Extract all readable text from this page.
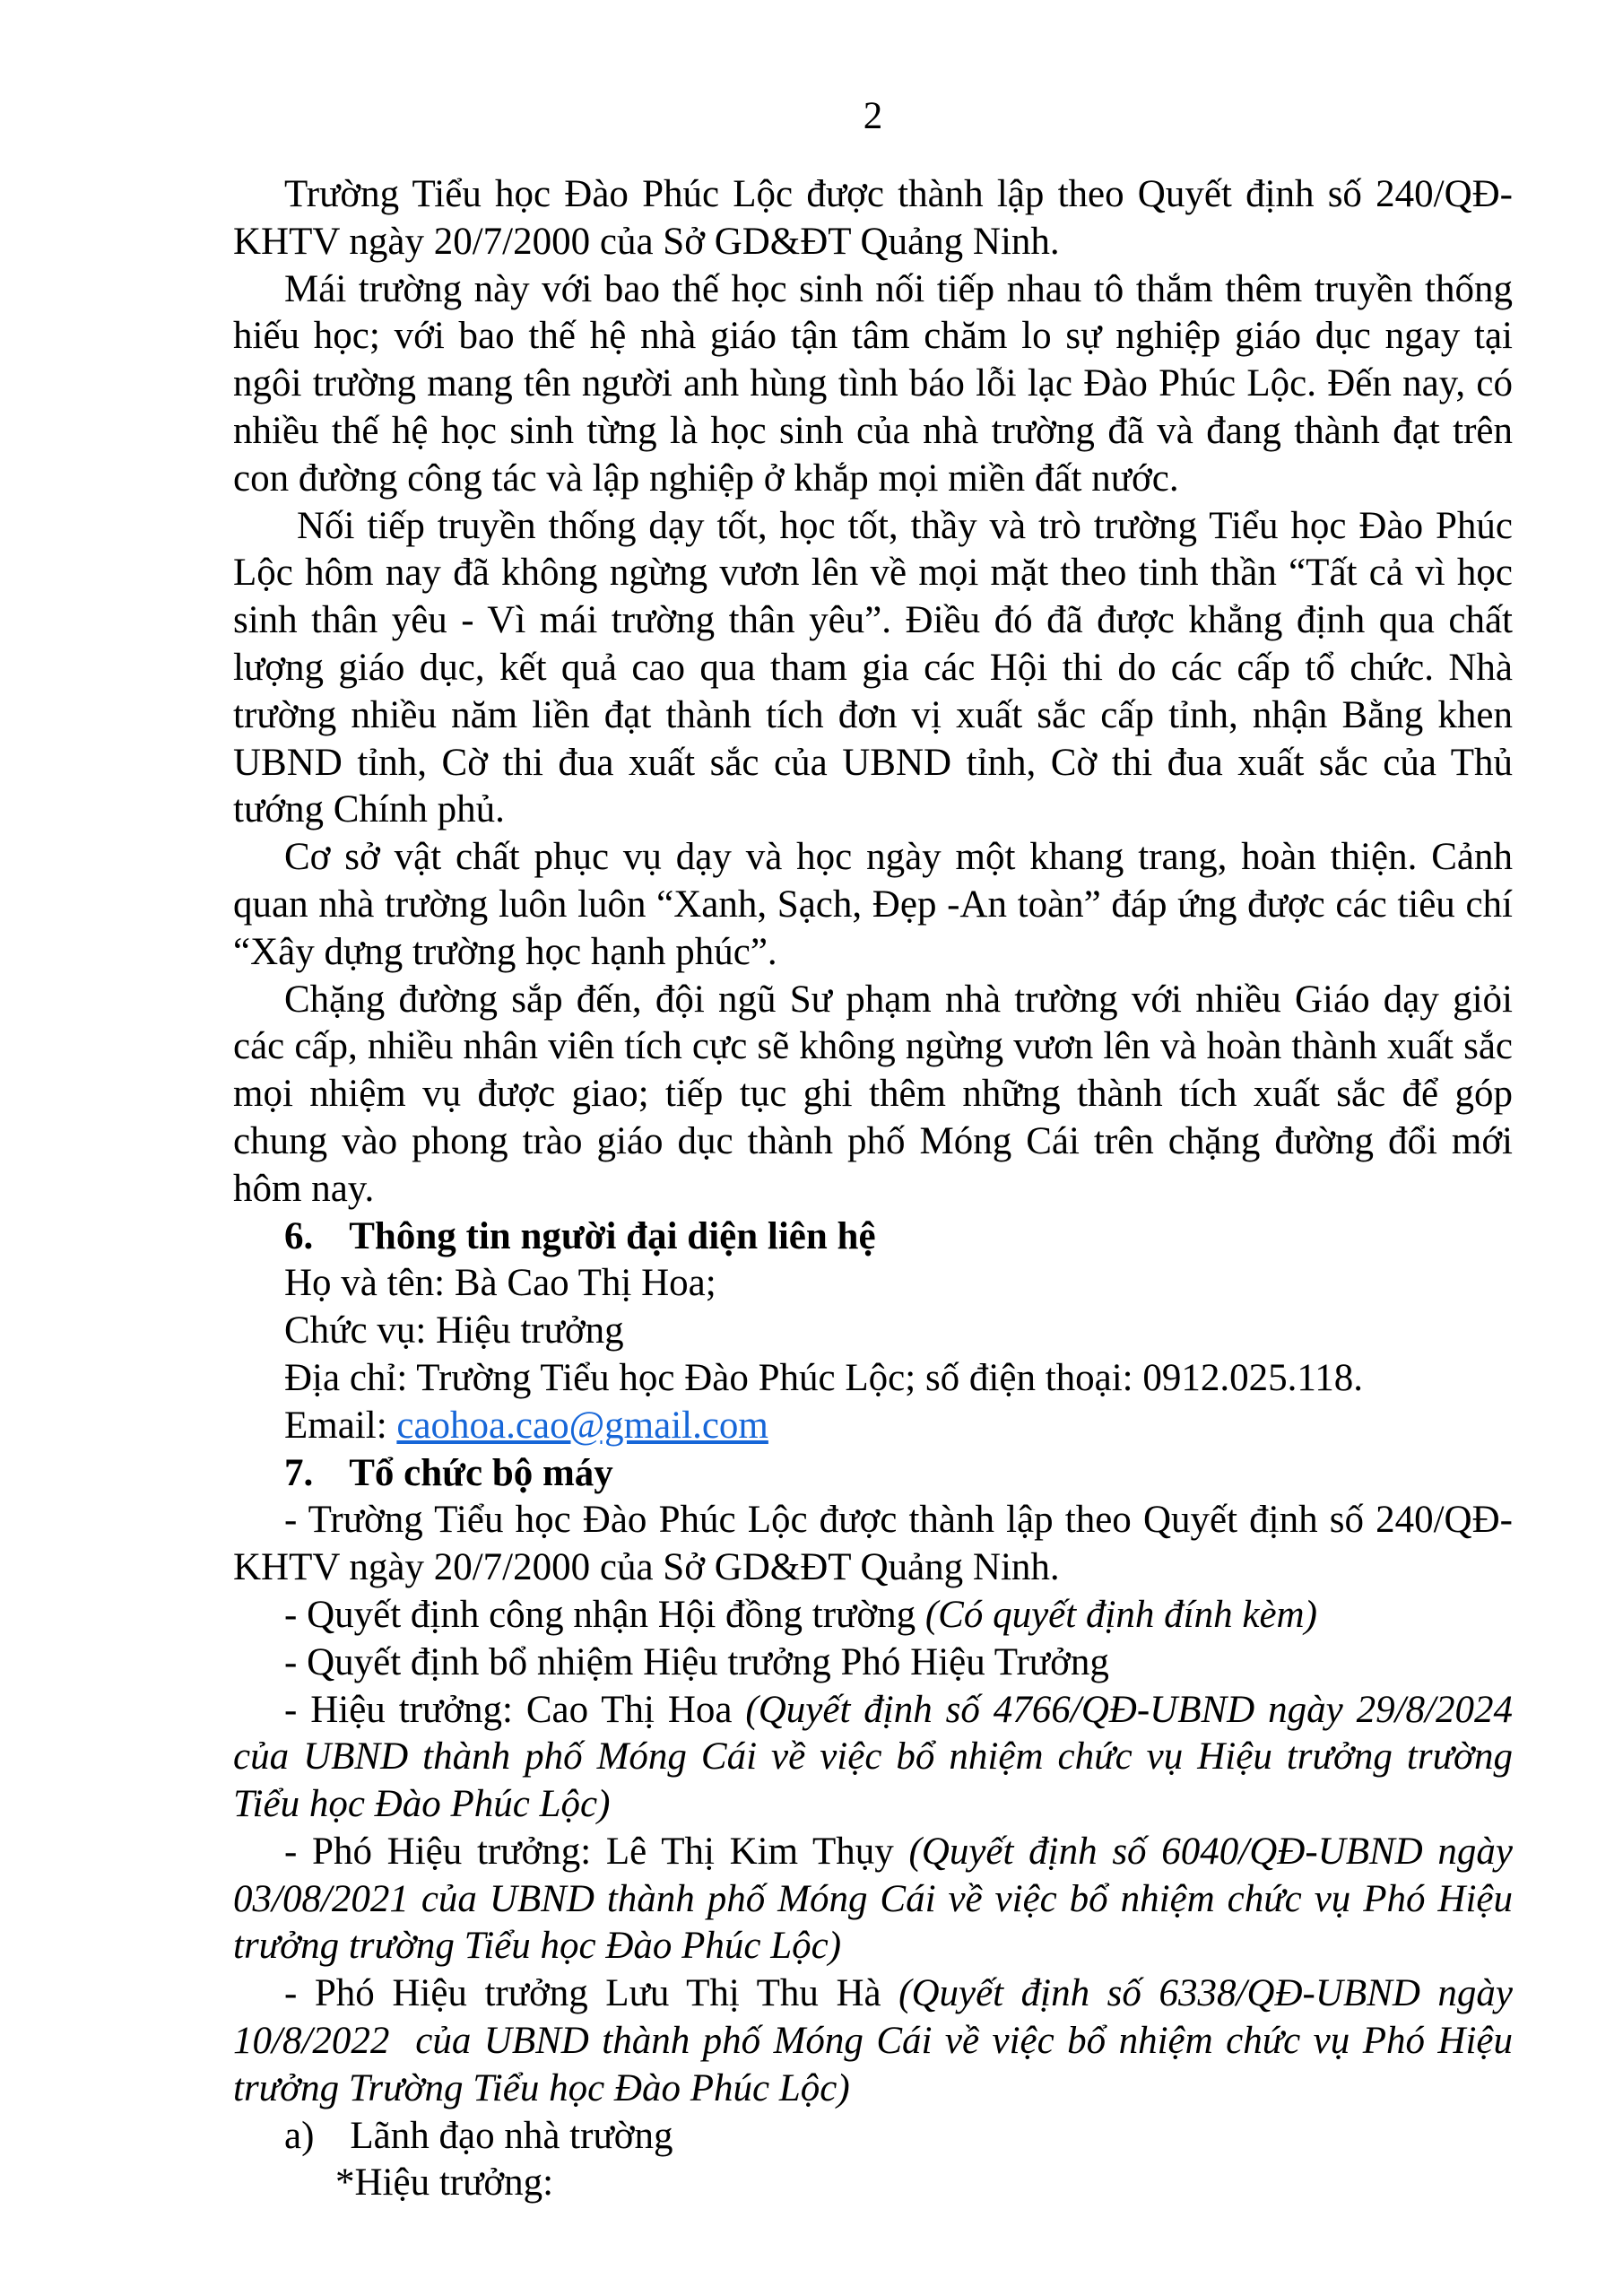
2

Trường Tiểu học Đào Phúc Lộc được thành lập theo Quyết định số 240/QĐ-KHTV ngày 20/7/2000 của Sở GD&ĐT Quảng Ninh.

Mái trường này với bao thế học sinh nối tiếp nhau tô thắm thêm truyền thống hiếu học; với bao thế hệ nhà giáo tận tâm chăm lo sự nghiệp giáo dục ngay tại ngôi trường mang tên người anh hùng tình báo lỗi lạc Đào Phúc Lộc. Đến nay, có nhiều thế hệ học sinh từng là học sinh của nhà trường đã và đang thành đạt trên con đường công tác và lập nghiệp ở khắp mọi miền đất nước.

Nối tiếp truyền thống dạy tốt, học tốt, thầy và trò trường Tiểu học Đào Phúc Lộc hôm nay đã không ngừng vươn lên về mọi mặt theo tinh thần “Tất cả vì học sinh thân yêu - Vì mái trường thân yêu”. Điều đó đã được khẳng định qua chất lượng giáo dục, kết quả cao qua tham gia các Hội thi do các cấp tổ chức. Nhà trường nhiều năm liền đạt thành tích đơn vị xuất sắc cấp tỉnh, nhận Bằng khen UBND tỉnh, Cờ thi đua xuất sắc của UBND tỉnh, Cờ thi đua xuất sắc của Thủ tướng Chính phủ.

Cơ sở vật chất phục vụ dạy và học ngày một khang trang, hoàn thiện. Cảnh quan nhà trường luôn luôn “Xanh, Sạch, Đẹp -An toàn” đáp ứng được các tiêu chí “Xây dựng trường học hạnh phúc”.

Chặng đường sắp đến, đội ngũ Sư phạm nhà trường với nhiều Giáo dạy giỏi các cấp, nhiều nhân viên tích cực sẽ không ngừng vươn lên và hoàn thành xuất sắc mọi nhiệm vụ được giao; tiếp tục ghi thêm những thành tích xuất sắc để góp chung vào phong trào giáo dục thành phố Móng Cái trên chặng đường đổi mới hôm nay.

6. Thông tin người đại diện liên hệ

Họ và tên: Bà Cao Thị Hoa;

Chức vụ: Hiệu trưởng

Địa chỉ: Trường Tiểu học Đào Phúc Lộc; số điện thoại: 0912.025.118.

Email: caohoa.cao@gmail.com

7. Tổ chức bộ máy

- Trường Tiểu học Đào Phúc Lộc được thành lập theo Quyết định số 240/QĐ-KHTV ngày 20/7/2000 của Sở GD&ĐT Quảng Ninh.

- Quyết định công nhận Hội đồng trường (Có quyết định đính kèm)

- Quyết định bổ nhiệm Hiệu trưởng Phó Hiệu Trưởng

- Hiệu trưởng: Cao Thị Hoa (Quyết định số 4766/QĐ-UBND ngày 29/8/2024 của UBND thành phố Móng Cái về việc bổ nhiệm chức vụ Hiệu trưởng trường Tiểu học Đào Phúc Lộc)

- Phó Hiệu trưởng: Lê Thị Kim Thụy (Quyết định số 6040/QĐ-UBND ngày 03/08/2021 của UBND thành phố Móng Cái về việc bổ nhiệm chức vụ Phó Hiệu trưởng trường Tiểu học Đào Phúc Lộc)

- Phó Hiệu trưởng Lưu Thị Thu Hà (Quyết định số 6338/QĐ-UBND ngày 10/8/2022  của UBND thành phố Móng Cái về việc bổ nhiệm chức vụ Phó Hiệu trưởng Trường Tiểu học Đào Phúc Lộc)

a) Lãnh đạo nhà trường

*Hiệu trưởng:
